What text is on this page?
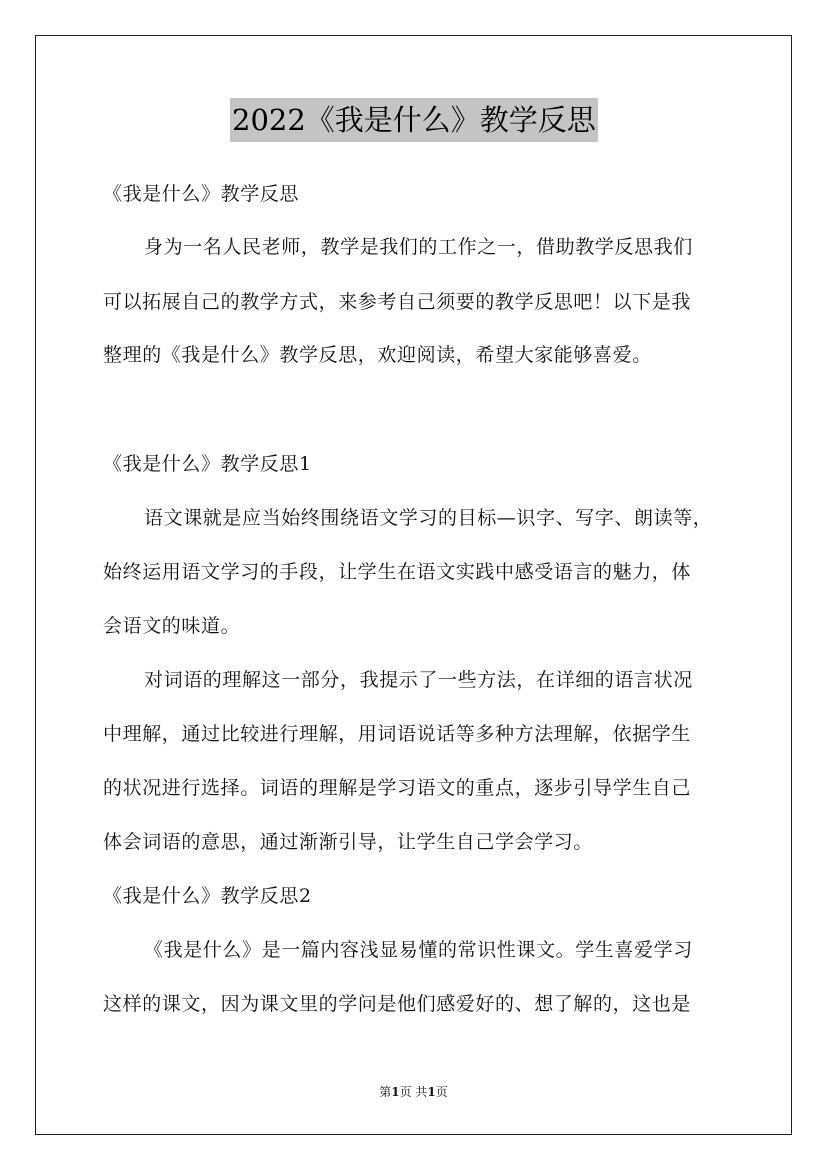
2022《我是什么》教学反思
《我是什么》教学反思
身为一名人民老师，教学是我们的工作之一，借助教学反思我们
可以拓展自己的教学方式，来参考自己须要的教学反思吧！以下是我
整理的《我是什么》教学反思，欢迎阅读，希望大家能够喜爱。
《我是什么》教学反思1
语文课就是应当始终围绕语文学习的目标—识字、写字、朗读等，
始终运用语文学习的手段，让学生在语文实践中感受语言的魅力，体
会语文的味道。
对词语的理解这一部分，我提示了一些方法，在详细的语言状况
中理解，通过比较进行理解，用词语说话等多种方法理解，依据学生
的状况进行选择。词语的理解是学习语文的重点，逐步引导学生自己
体会词语的意思，通过渐渐引导，让学生自己学会学习。
《我是什么》教学反思2
《我是什么》是一篇内容浅显易懂的常识性课文。学生喜爱学习
这样的课文，因为课文里的学问是他们感爱好的、想了解的，这也是
第1页 共1页
